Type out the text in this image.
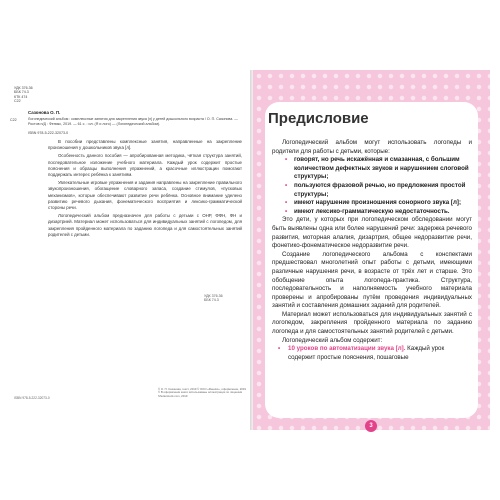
УДК 376.36
ББК 74.3
КТК 474
С22
Сазонова О. П.
С22	Логопедический альбом : комплексные занятия для закрепления звука [л] у детей дошкольного возраста / О. П. Сазонова. — Ростов н/Д : Феникс, 2019. — 61 с. : ил. (Я и лого) — (Логопедический альбом).
ISBN 978-5-222-32073-0

В пособии представлены комплексные занятия, направленные на закрепление произношения у дошкольников звука [л].

Особенность данного пособия — апробированная методика, чёткая структура занятий, последовательное изложение учебного материала. Каждый урок содержит простые пояснения и образцы выполнения упражнений, а красочные иллюстрации помогают поддержать интерес ребёнка к занятиям.

Увлекательные игровые упражнения и задания направлены на закрепление правильного звукопроизношения, обогащение словарного запаса, создание стимулов, «пусковых механизмов», которые обеспечивают развитие речи ребёнка. Основное внимание уделено развитию речевого дыхания, фонематического восприятия и лексико-грамматической стороны речи.

Логопедический альбом предназначен для работы с детьми с ОНР, ФФН, ФН и дизартрией. Материал может использоваться для индивидуальных занятий с логопедом, для закрепления пройденного материала по заданию логопеда и для самостоятельных занятий родителей с детьми.

УДК 376.36
ББК 74.3
ISBN 978-5-222-32073-0
© О. П. Сазонова, текст, 2019 © ООО «Феникс», оформление, 2019 © В оформлении книги использованы иллюстрации по лицензии Shutterstock.com, 2019
Предисловие

Логопедический альбом могут использовать логопеды и родители для работы с детьми, которые:

• говорят, но речь искажённая и смазанная, с большим количеством дефектных звуков и нарушением слоговой структуры;
• пользуются фразовой речью, но предложения простой структуры;
• имеют нарушение произношения сонорного звука [л];
• имеют лексико-грамматическую недостаточность.

Это дети, у которых при логопедическом обследовании могут быть выявлены одна или более нарушений речи: задержка речевого развития, моторная алалия, дизартрия, общее недоразвитие речи, фонетико-фонематическое недоразвитие речи.

Создание логопедического альбома с конспектами предшествовал многолетний опыт работы с детьми, имеющими различные нарушения речи, в возрасте от трёх лет и старше. Это обобщение опыта логопеда-практика. Структура, последовательность и наполняемость учебного материала проверены и апробированы путём проведения индивидуальных занятий и составления домашних заданий для родителей.

Материал может использоваться для индивидуальных занятий с логопедом, закрепления пройденного материала по заданию логопеда и для самостоятельных занятий родителей с детьми.

Логопедический альбом содержит:

• 10 уроков по автоматизации звука [л]. Каждый урок содержит простые пояснения, пошаговые
3
